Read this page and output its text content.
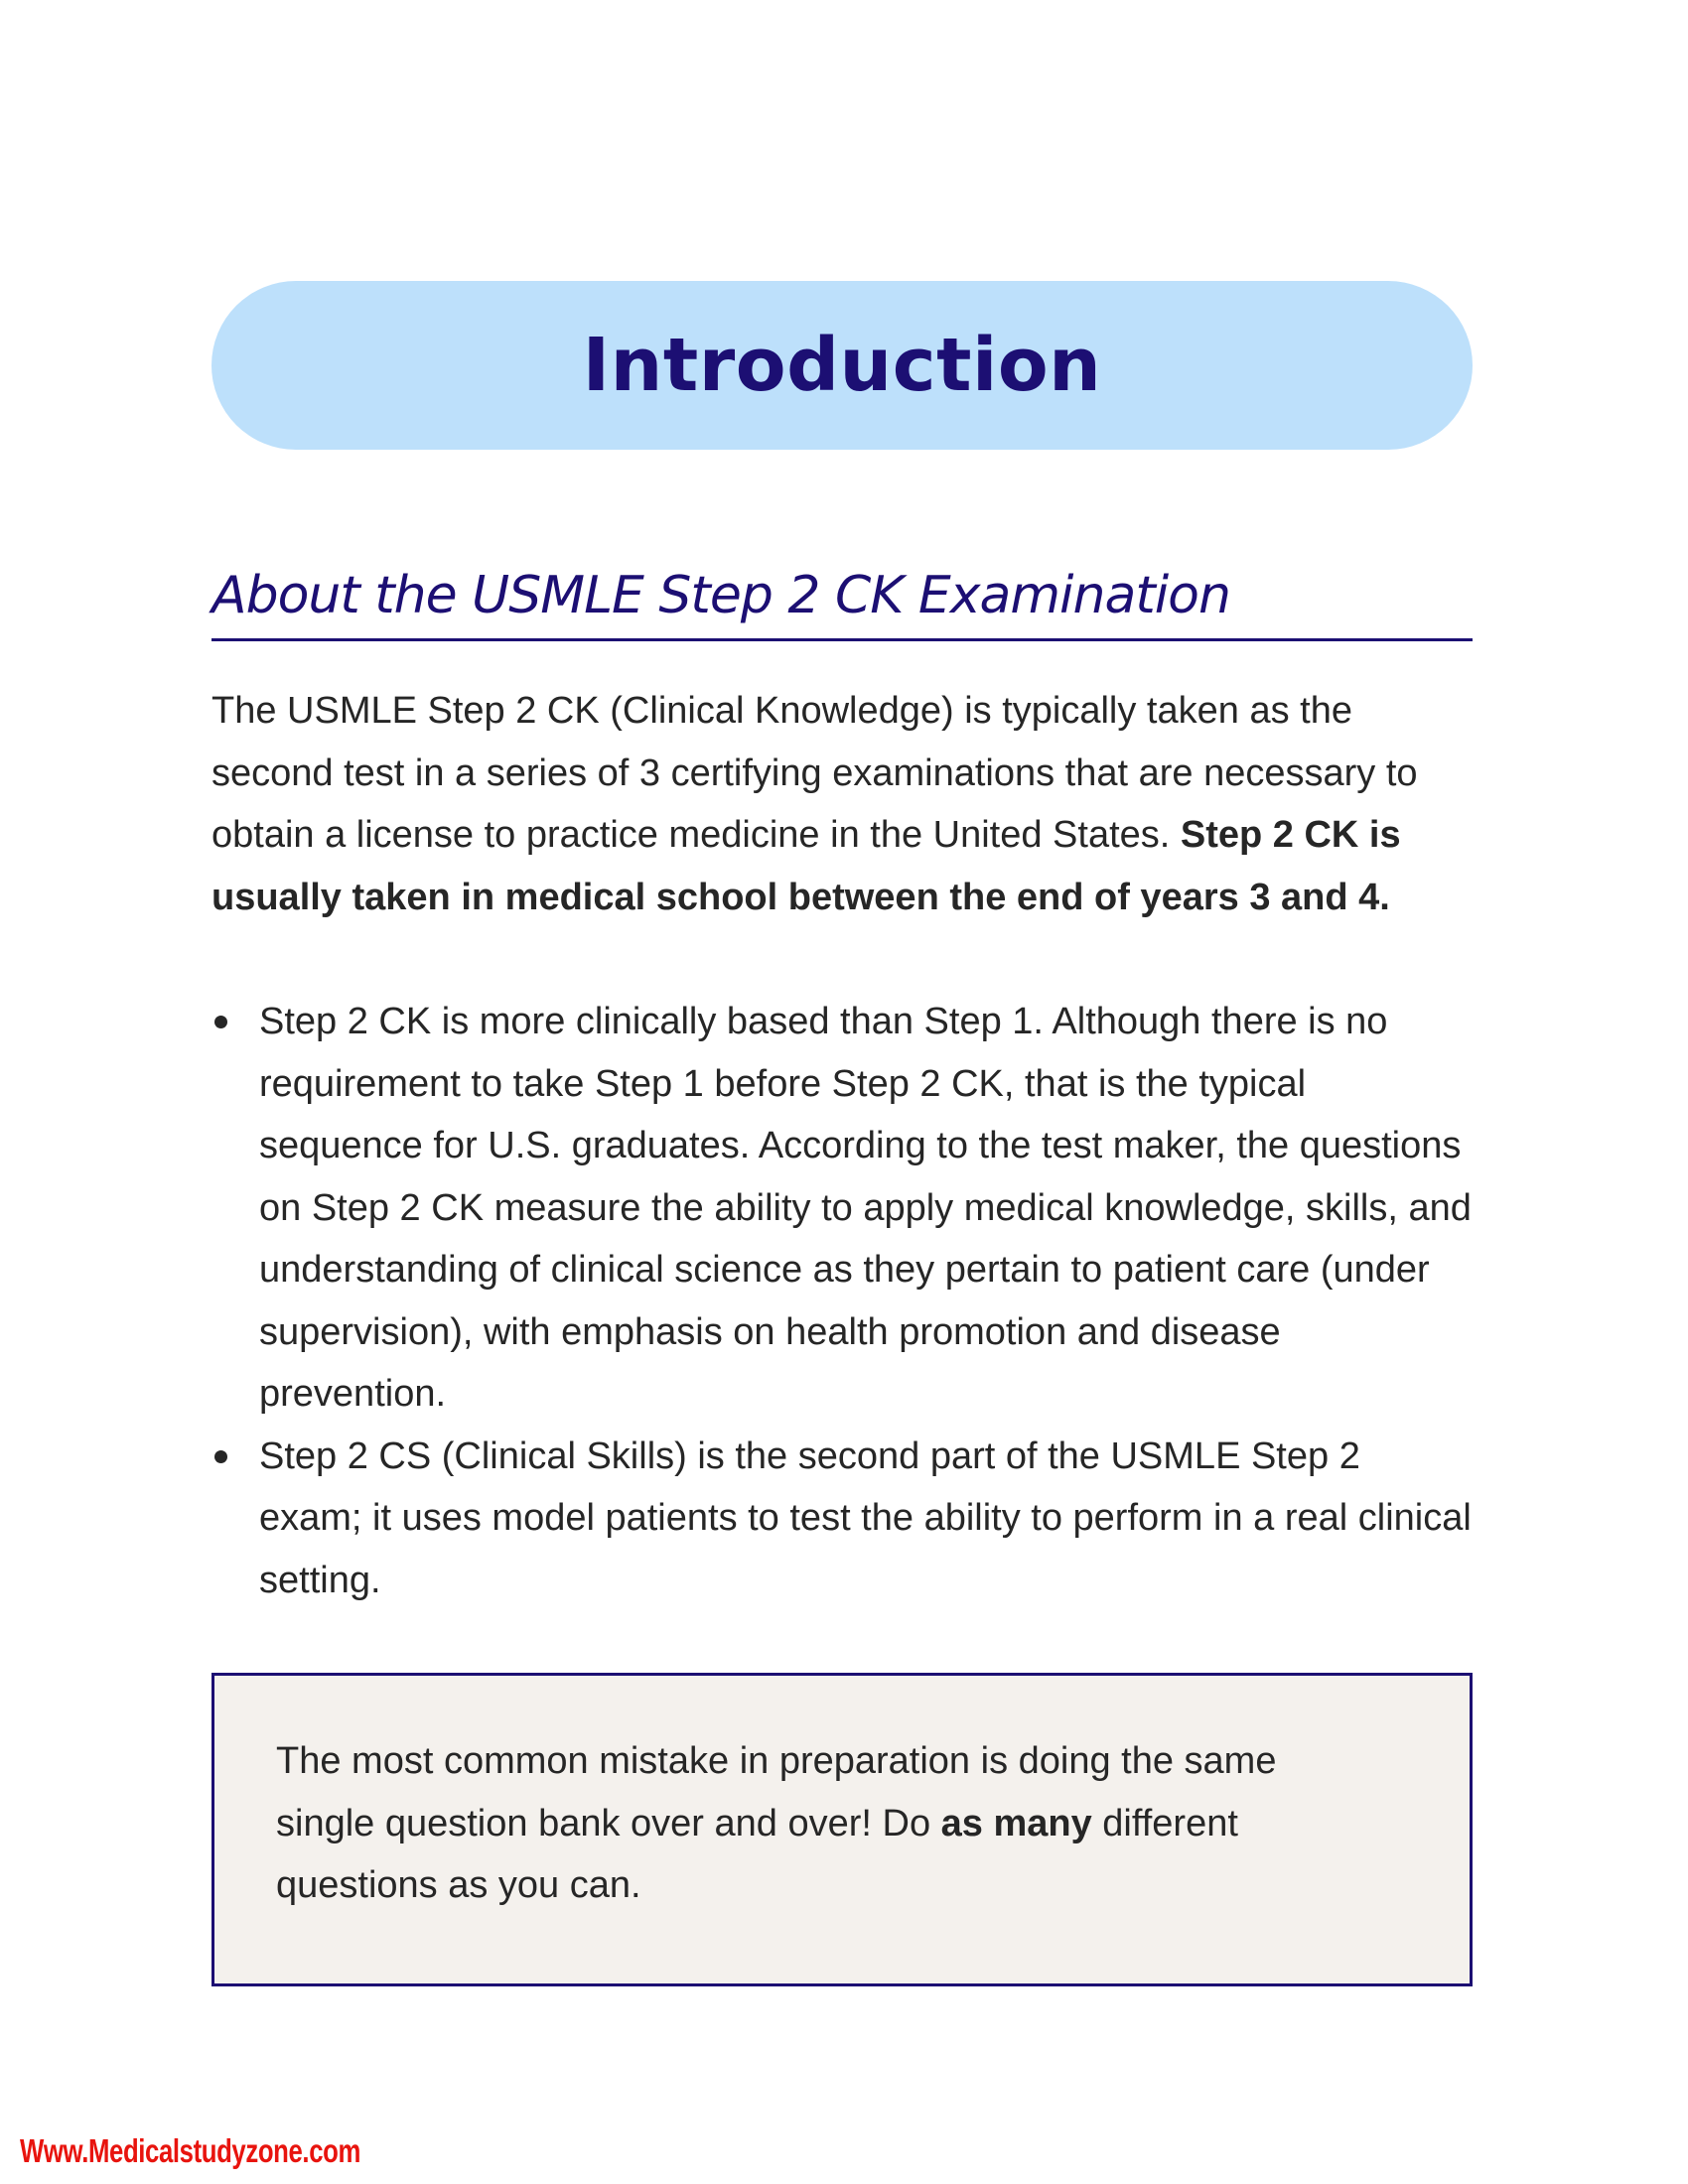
Introduction
About the USMLE Step 2 CK Examination

The USMLE Step 2 CK (Clinical Knowledge) is typically taken as the second test in a series of 3 certifying examinations that are necessary to obtain a license to practice medicine in the United States. Step 2 CK is usually taken in medical school between the end of years 3 and 4.

Step 2 CK is more clinically based than Step 1. Although there is no requirement to take Step 1 before Step 2 CK, that is the typical sequence for U.S. graduates. According to the test maker, the questions on Step 2 CK measure the ability to apply medical knowledge, skills, and understanding of clinical science as they pertain to patient care (under supervision), with emphasis on health promotion and disease prevention.
Step 2 CS (Clinical Skills) is the second part of the USMLE Step 2 exam; it uses model patients to test the ability to perform in a real clinical setting.

The most common mistake in preparation is doing the same single question bank over and over! Do as many different questions as you can.

Www.Medicalstudyzone.com
